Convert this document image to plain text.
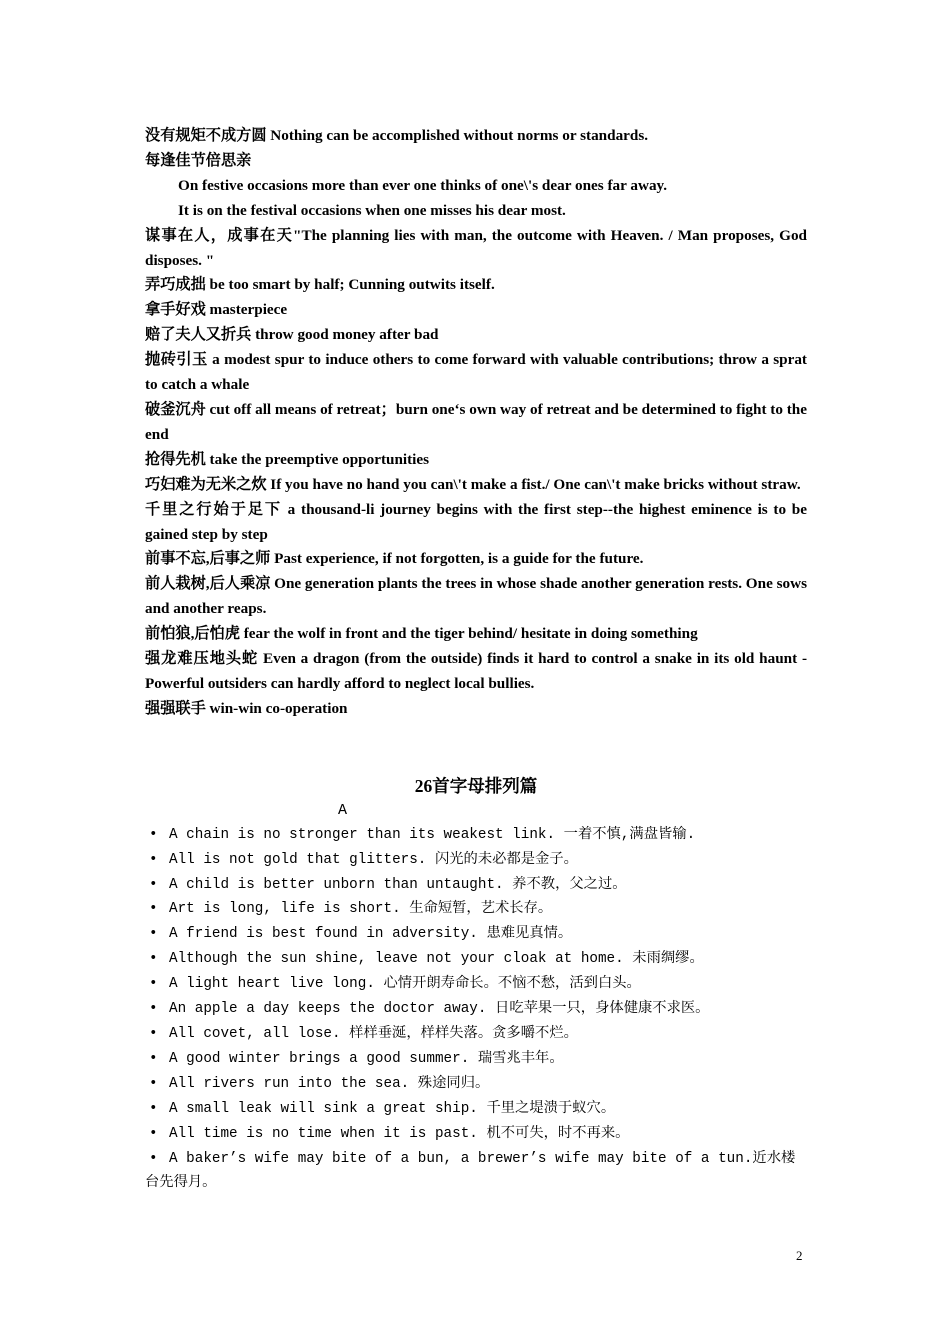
没有规矩不成方圆 Nothing can be accomplished without norms or standards.

每逢佳节倍思亲

On festive occasions more than ever one thinks of one\'s dear ones far away.

It is on the festival occasions when one misses his dear most.

谋事在人，成事在天"The planning lies with man, the outcome with Heaven. / Man proposes, God disposes. "

弄巧成拙 be too smart by half; Cunning outwits itself.

拿手好戏 masterpiece

赔了夫人又折兵 throw good money after bad

抛砖引玉 a modest spur to induce others to come forward with valuable contributions; throw a sprat to catch a whale

破釜沉舟 cut off all means of retreat；burn one‘s own way of retreat and be determined to fight to the end

抢得先机 take the preemptive opportunities

巧妇难为无米之炊 If you have no hand you can\'t make a fist./ One can\'t make bricks without straw.

千里之行始于足下 a thousand-li journey begins with the first step--the highest eminence is to be gained step by step

前事不忘,后事之师 Past experience, if not forgotten, is a guide for the future.

前人栽树,后人乘凉 One generation plants the trees in whose shade another generation rests. One sows and another reaps.

前怕狼,后怕虎 fear the wolf in front and the tiger behind/ hesitate in doing something

强龙难压地头蛇 Even a dragon (from the outside) finds it hard to control a snake in its old haunt - Powerful outsiders can hardly afford to neglect local bullies.

强强联手 win-win co-operation

26首字母排列篇
A
• A chain is no stronger than its weakest link. 一着不慎,满盘皆输.
• All is not gold that glitters. 闪光的未必都是金子。
• A child is better unborn than untaught. 养不教，父之过。
• Art is long, life is short. 生命短暂，艺术长存。
• A friend is best found in adversity. 患难见真情。
• Although the sun shine, leave not your cloak at home. 未雨绸缪。
• A light heart live long. 心情开朗寿命长。不恼不愁，活到白头。
• An apple a day keeps the doctor away. 日吃苹果一只，身体健康不求医。
• All covet, all lose. 样样垂涎，样样失落。贪多嚼不烂。
• A good winter brings a good summer. 瑞雪兆丰年。
• All rivers run into the sea. 殊途同归。
• A small leak will sink a great ship. 千里之堤溃于蚁穴。
• All time is no time when it is past. 机不可失，时不再来。
• A baker’s wife may bite of a bun, a brewer’s wife may bite of a tun.近水楼台先得月。
2
